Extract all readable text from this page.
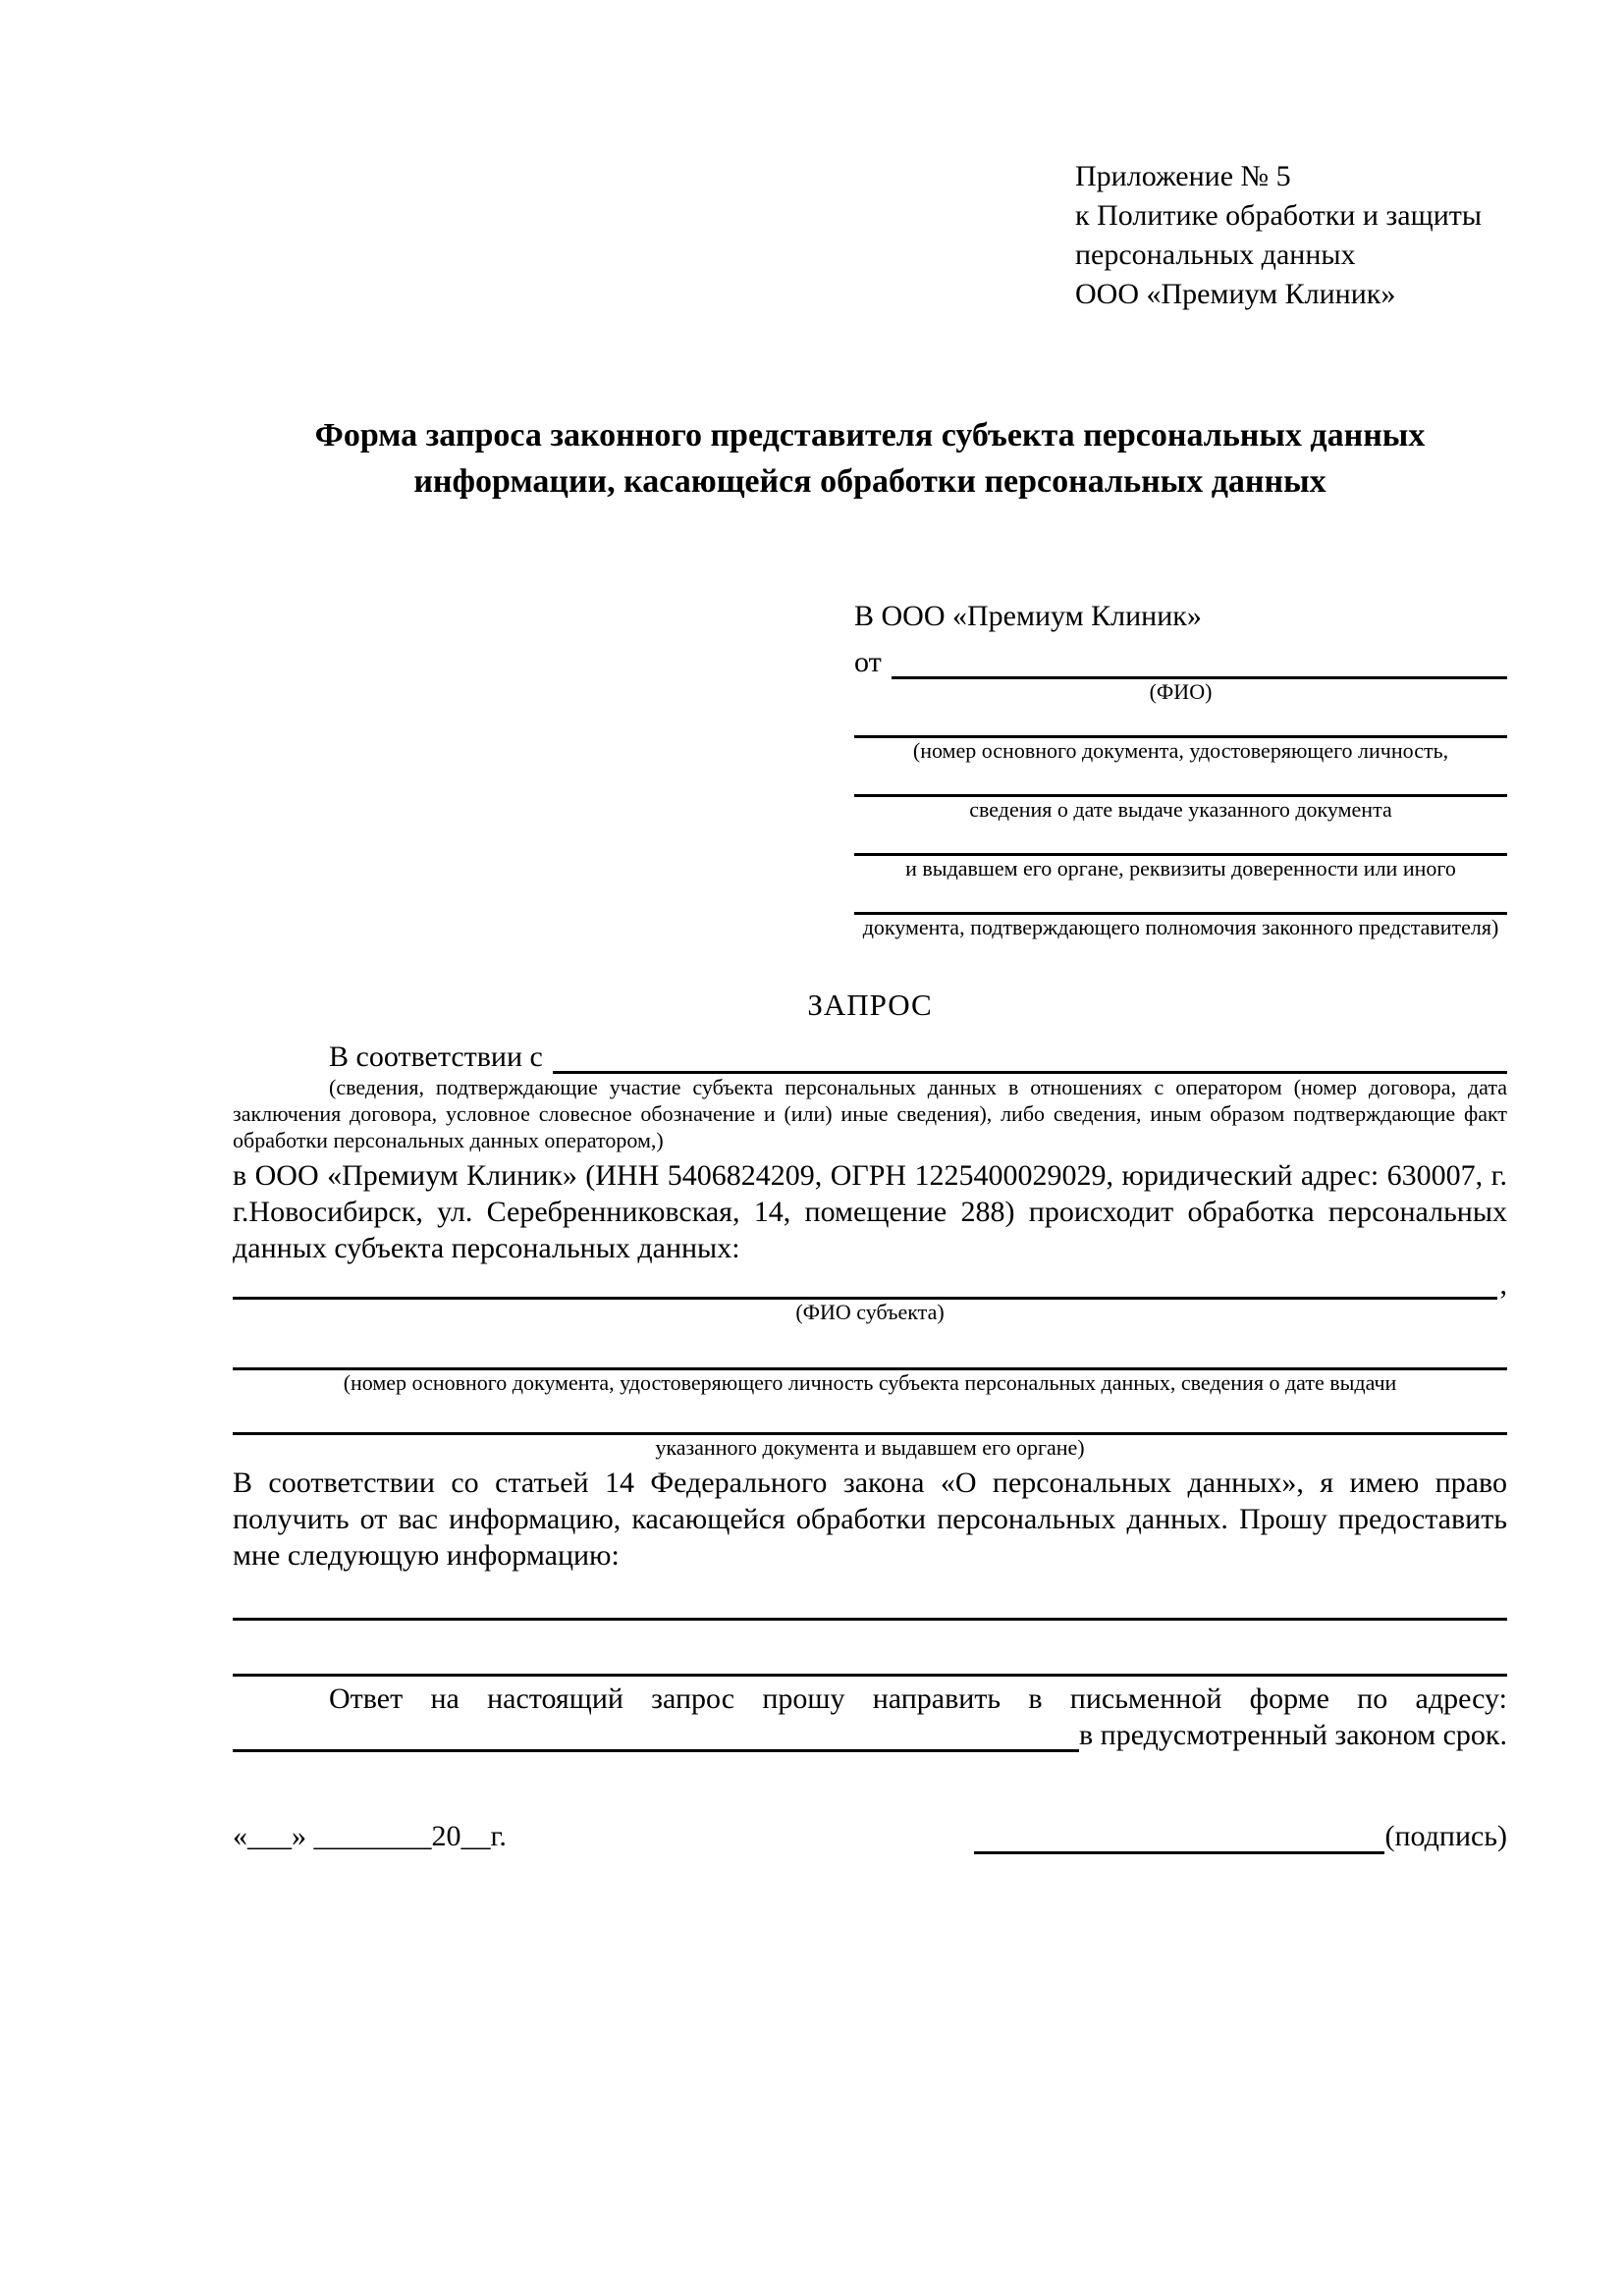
Приложение № 5
к Политике обработки и защиты
персональных данных
ООО «Премиум Клиник»
Форма запроса законного представителя субъекта персональных данных
информации, касающейся обработки персональных данных
В ООО «Премиум Клиник»
от
(ФИО)
(номер основного документа, удостоверяющего личность,
сведения о дате выдаче указанного документа
и выдавшем его органе, реквизиты доверенности или иного
документа, подтверждающего полномочия законного представителя)
ЗАПРОС
В соответствии с
(сведения, подтверждающие участие субъекта персональных данных в отношениях с оператором (номер договора, дата заключения договора, условное словесное обозначение и (или) иные сведения), либо сведения, иным образом подтверждающие факт обработки персональных данных оператором,)

в ООО «Премиум Клиник» (ИНН 5406824209, ОГРН 1225400029029, юридический адрес: 630007, г. г.Новосибирск, ул. Серебренниковская, 14, помещение 288) происходит обработка персональных данных субъекта персональных данных:

,
(ФИО субъекта)
(номер основного документа, удостоверяющего личность субъекта персональных данных, сведения о дате выдачи
указанного документа и выдавшем его органе)

В соответствии со статьей 14 Федерального закона «О персональных данных», я имею право получить от вас информацию, касающейся обработки персональных данных. Прошу предоставить мне следующую информацию:

Ответ на настоящий запрос прошу направить в письменной форме по адресу:

в предусмотренный законом срок.
«___» ________20__г.	(подпись)
